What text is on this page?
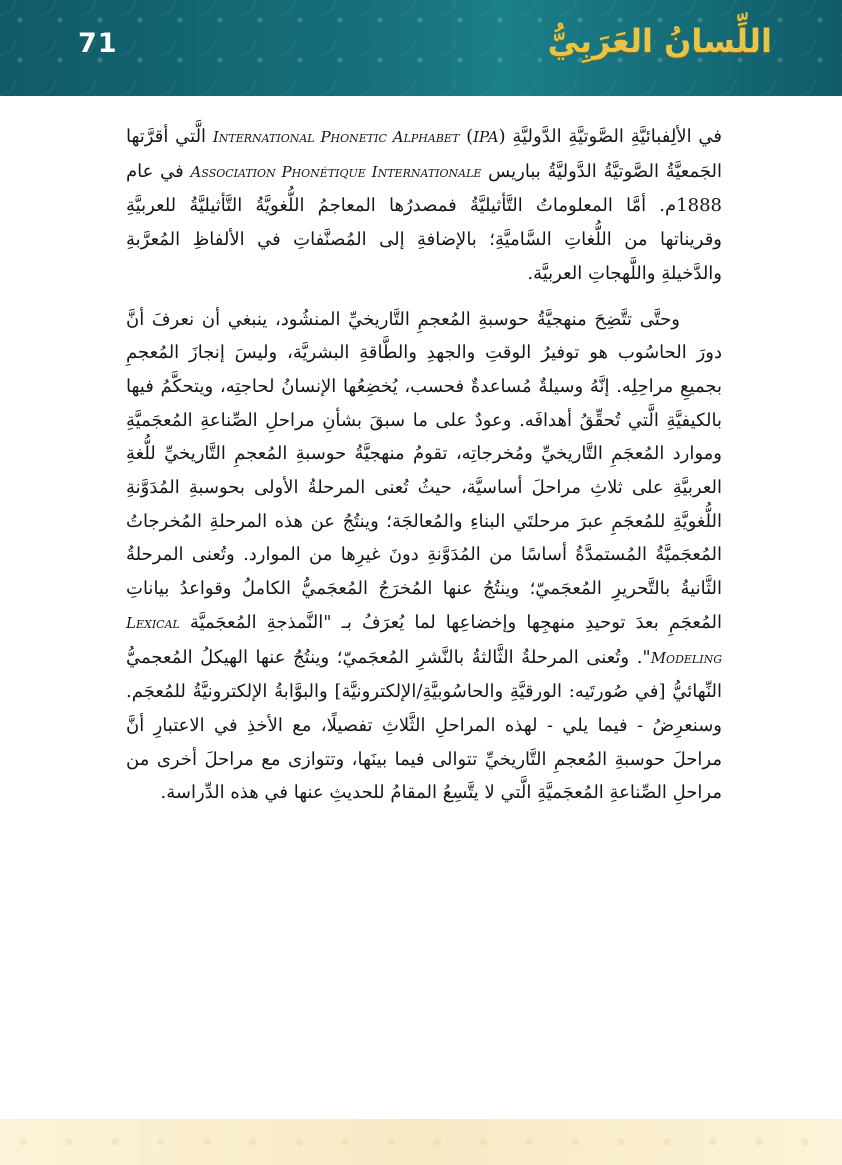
71	اللِّسانُ العَرَبِيُّ

في الألِفبائيَّةِ الصَّوتيَّةِ الدَّوليَّةِ (IPA) International Phonetic Alphabet الَّتي أقرَّتها الجَمعيَّةُ الصَّوتيَّةُ الدَّوليَّةُ بباريس Association Phonétique Internationale في عام 1888م. أمَّا المعلوماتُ التَّأثيليَّةُ فمصدرُها المعاجمُ اللُّغويَّةُ التَّأثيليَّةُ للعربيَّةِ وقريناتها من اللُّغاتِ السَّاميَّةِ؛ بالإضافةِ إلى المُصنَّفاتِ في الألفاظِ المُعرَّبةِ والدَّخيلةِ واللَّهجاتِ العربيَّة.

وحتَّى تتَّضِحَ منهجيَّةُ حوسبةِ المُعجمِ التَّاريخيِّ المنشُود، ينبغي أن نعرفَ أنَّ دورَ الحاسُوب هو توفيرُ الوقتِ والجهدِ والطَّاقةِ البشريَّة، وليسَ إنجازَ المُعجمِ بجميعِ مراحِلِه. إنَّهُ وسيلةٌ مُساعدةٌ فحسب، يُخضِعُها الإنسانُ لحاجتِه، ويتحكَّمُ فيها بالكيفيَّةِ الَّتي تُحقِّقُ أهدافَه. وعودٌ على ما سبقَ بشأنِ مراحلِ الصِّناعةِ المُعجَميَّةِ وموارد المُعجَمِ التَّاريخيِّ ومُخرجاتِه، تقومُ منهجيَّةُ حوسبةِ المُعجمِ التَّاريخيِّ للُّغةِ العربيَّةِ على ثلاثِ مراحلَ أساسيَّة، حيثُ تُعنى المرحلةُ الأولى بحوسبةِ المُدَوَّنةِ اللُّغويَّةِ للمُعجَمِ عبرَ مرحلتَي البناءِ والمُعالجَة؛ وينتُجُ عن هذه المرحلةِ المُخرجاتُ المُعجَميَّةُ المُستمدَّةُ أساسًا من المُدَوَّنةِ دونَ غيرِها من الموارد. وتُعنى المرحلةُ الثَّانيةُ بالتَّحريرِ المُعجَميّ؛ وينتُجُ عنها المُخرَجُ المُعجَميُّ الكاملُ وقواعدُ بياناتِ المُعجَمِ بعدَ توحيدِ منهجِها وإخضاعِها لما يُعرَفُ بـ "النَّمذجةِ المُعجَميَّة Lexical Modeling". وتُعنى المرحلةُ الثَّالثةُ بالنَّشرِ المُعجَميّ؛ وينتُجُ عنها الهيكلُ المُعجميُّ النِّهائيُّ [في صُورتَيه: الورقيَّةِ والحاسُوبيَّةِ/الإلكترونيَّة] والبوَّابةُ الإلكترونيَّةُ للمُعجَم. وسنعرِضُ - فيما يلي - لهذه المراحلِ الثَّلاثِ تفصيلًا، مع الأخذِ في الاعتبارِ أنَّ مراحلَ حوسبةِ المُعجمِ التَّاريخيِّ تتوالى فيما بينَها، وتتوازى مع مراحلَ أخرى من مراحلِ الصِّناعةِ المُعجَميَّةِ الَّتي لا يتَّسِعُ المقامُ للحديثِ عنها في هذه الدِّراسة.
